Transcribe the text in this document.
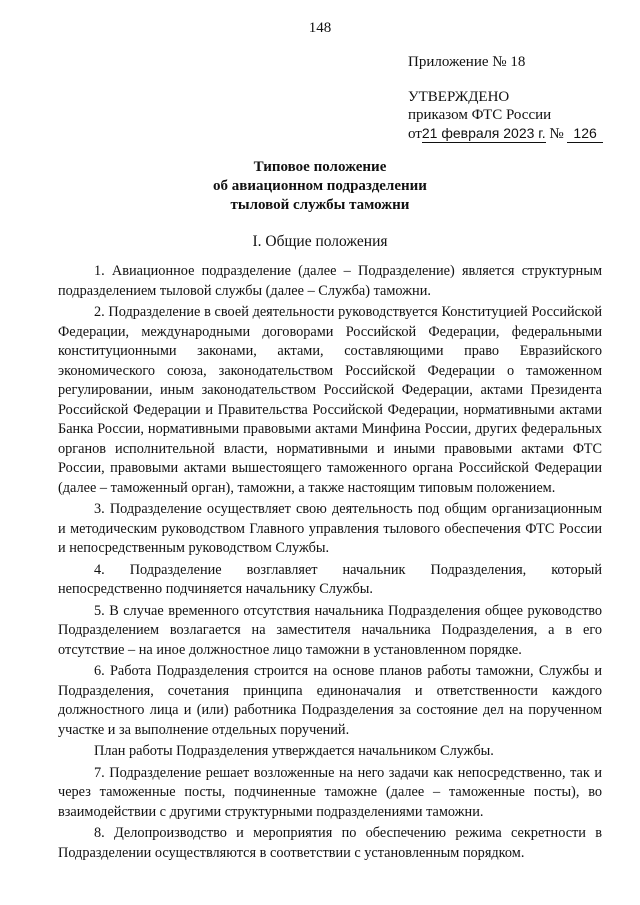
148
Приложение № 18
УТВЕРЖДЕНО
приказом ФТС России
от21 февраля 2023 г. № 126
Типовое положение
об авиационном подразделении
тыловой службы таможни
I. Общие положения

1. Авиационное подразделение (далее – Подразделение) является структурным подразделением тыловой службы (далее – Служба) таможни.

2. Подразделение в своей деятельности руководствуется Конституцией Российской Федерации, международными договорами Российской Федерации, федеральными конституционными законами, актами, составляющими право Евразийского экономического союза, законодательством Российской Федерации о таможенном регулировании, иным законодательством Российской Федерации, актами Президента Российской Федерации и Правительства Российской Федерации, нормативными актами Банка России, нормативными правовыми актами Минфина России, других федеральных органов исполнительной власти, нормативными и иными правовыми актами ФТС России, правовыми актами вышестоящего таможенного органа Российской Федерации (далее – таможенный орган), таможни, а также настоящим типовым положением.

3. Подразделение осуществляет свою деятельность под общим организационным и методическим руководством Главного управления тылового обеспечения ФТС России и непосредственным руководством Службы.

4. Подразделение возглавляет начальник Подразделения, который непосредственно подчиняется начальнику Службы.

5. В случае временного отсутствия начальника Подразделения общее руководство Подразделением возлагается на заместителя начальника Подразделения, а в его отсутствие – на иное должностное лицо таможни в установленном порядке.

6. Работа Подразделения строится на основе планов работы таможни, Службы и Подразделения, сочетания принципа единоначалия и ответственности каждого должностного лица и (или) работника Подразделения за состояние дел на порученном участке и за выполнение отдельных поручений.

План работы Подразделения утверждается начальником Службы.

7. Подразделение решает возложенные на него задачи как непосредственно, так и через таможенные посты, подчиненные таможне (далее – таможенные посты), во взаимодействии с другими структурными подразделениями таможни.

8. Делопроизводство и мероприятия по обеспечению режима секретности в Подразделении осуществляются в соответствии с установленным порядком.
